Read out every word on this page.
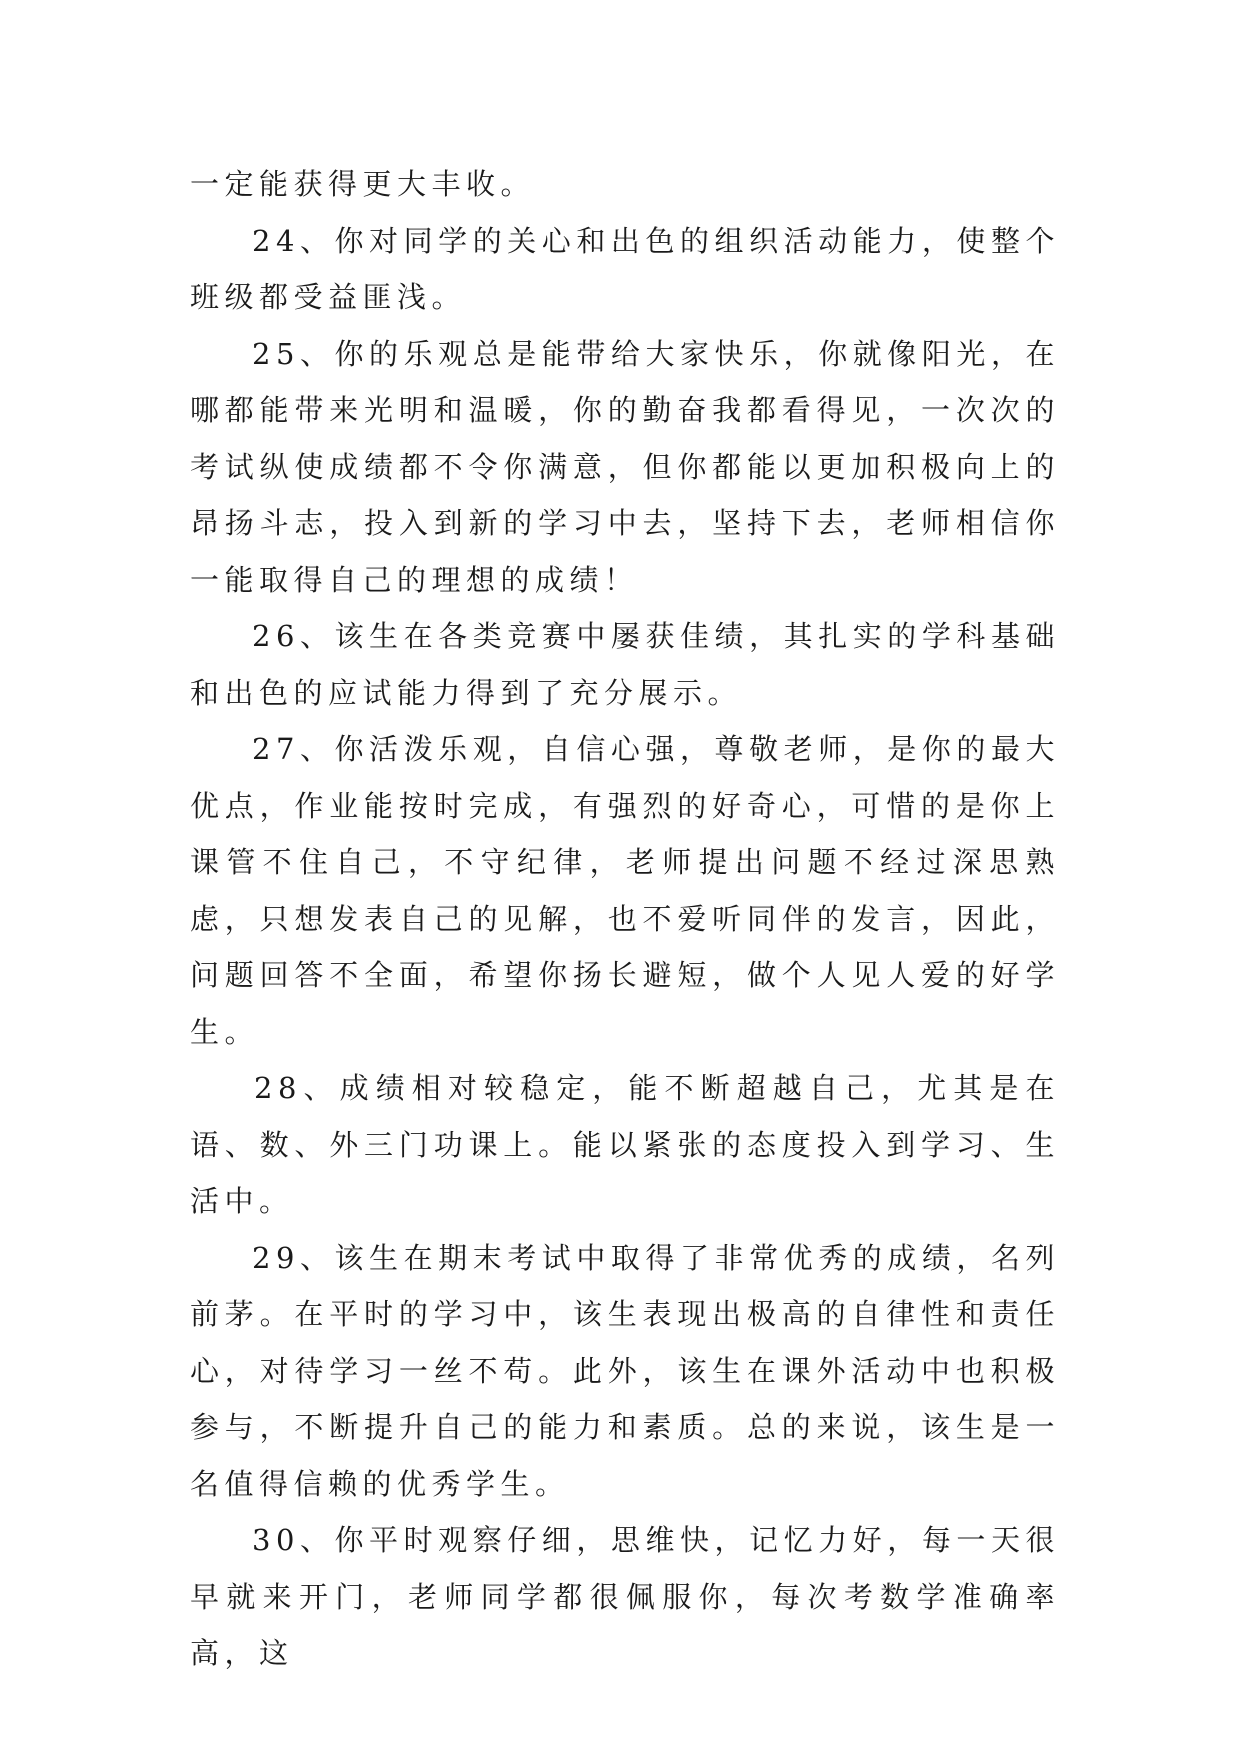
一定能获得更大丰收。

24、你对同学的关心和出色的组织活动能力，使整个班级都受益匪浅。

25、你的乐观总是能带给大家快乐，你就像阳光，在哪都能带来光明和温暖，你的勤奋我都看得见，一次次的考试纵使成绩都不令你满意，但你都能以更加积极向上的昂扬斗志，投入到新的学习中去，坚持下去，老师相信你一能取得自己的理想的成绩！

26、该生在各类竞赛中屡获佳绩，其扎实的学科基础和出色的应试能力得到了充分展示。

27、你活泼乐观，自信心强，尊敬老师，是你的最大优点，作业能按时完成，有强烈的好奇心，可惜的是你上课管不住自己，不守纪律，老师提出问题不经过深思熟虑，只想发表自己的见解，也不爱听同伴的发言，因此，问题回答不全面，希望你扬长避短，做个人见人爱的好学生。

28、成绩相对较稳定，能不断超越自己，尤其是在语、数、外三门功课上。能以紧张的态度投入到学习、生活中。

29、该生在期末考试中取得了非常优秀的成绩，名列前茅。在平时的学习中，该生表现出极高的自律性和责任心，对待学习一丝不苟。此外，该生在课外活动中也积极参与，不断提升自己的能力和素质。总的来说，该生是一名值得信赖的优秀学生。

30、你平时观察仔细，思维快，记忆力好，每一天很早就来开门，老师同学都很佩服你，每次考数学准确率高，这
